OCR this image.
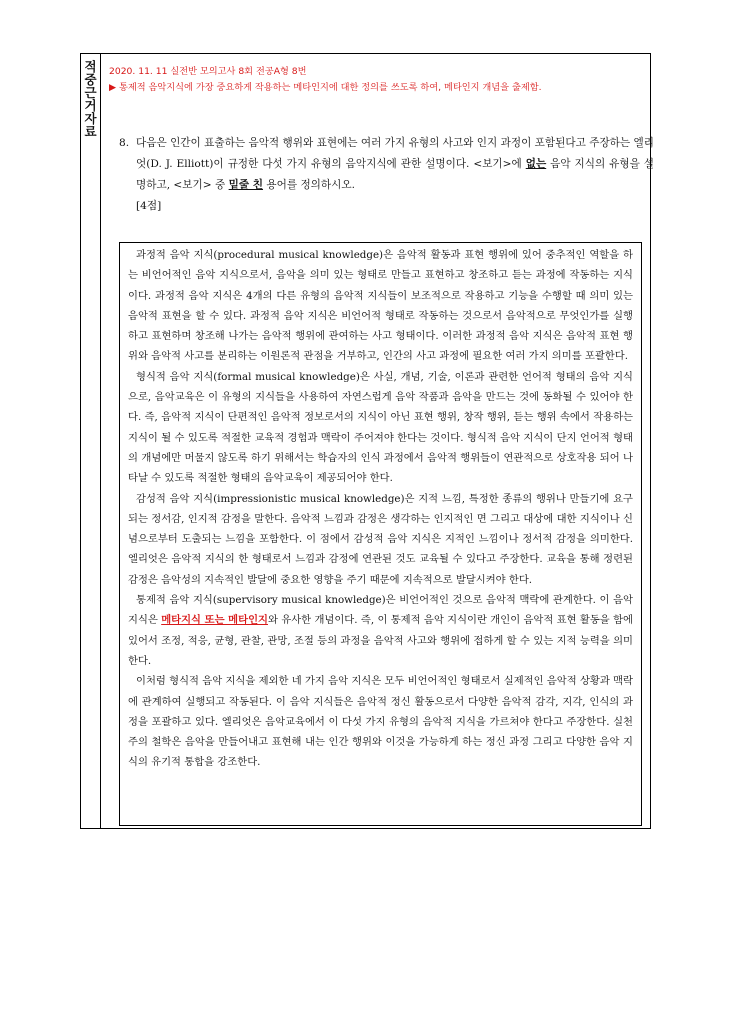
적중근거자료
2020. 11. 11 실전반 모의고사 8회 전공A형 8번
▶ 통제적 음악지식에 가장 중요하게 작용하는 메타인지에 대한 정의를 쓰도록 하여, 메타인지 개념을 출제함.
8. 다음은 인간이 표출하는 음악적 행위와 표현에는 여러 가지 유형의 사고와 인지 과정이 포함된다고 주장하는 엘리엇(D. J. Elliott)이 규정한 다섯 가지 유형의 음악지식에 관한 설명이다. <보기>에 없는 음악 지식의 유형을 설명하고, <보기> 중 밑줄 친 용어를 정의하시오.
[4점]

과정적 음악 지식(procedural musical knowledge)은 음악적 활동과 표현 행위에 있어 중추적인 역할을 하는 비언어적인 음악 지식으로서, 음악을 의미 있는 형태로 만들고 표현하고 창조하고 듣는 과정에 작동하는 지식이다. 과정적 음악 지식은 4개의 다른 유형의 음악적 지식들이 보조적으로 작용하고 기능을 수행할 때 의미 있는 음악적 표현을 할 수 있다. 과정적 음악 지식은 비언어적 형태로 작동하는 것으로서 음악적으로 무엇인가를 실행하고 표현하며 창조해 나가는 음악적 행위에 관여하는 사고 형태이다. 이러한 과정적 음악 지식은 음악적 표현 행위와 음악적 사고를 분리하는 이원론적 관점을 거부하고, 인간의 사고 과정에 필요한 여러 가지 의미를 포괄한다.

형식적 음악 지식(formal musical knowledge)은 사실, 개념, 기술, 이론과 관련한 언어적 형태의 음악 지식으로, 음악교육은 이 유형의 지식들을 사용하여 자연스럽게 음악 작품과 음악을 만드는 것에 동화될 수 있어야 한다. 즉, 음악적 지식이 단편적인 음악적 정보로서의 지식이 아닌 표현 행위, 창작 행위, 듣는 행위 속에서 작용하는 지식이 될 수 있도록 적절한 교육적 경험과 맥락이 주어져야 한다는 것이다. 형식적 음악 지식이 단지 언어적 형태의 개념에만 머물지 않도록 하기 위해서는 학습자의 인식 과정에서 음악적 행위들이 연관적으로 상호작용 되어 나타날 수 있도록 적절한 형태의 음악교육이 제공되어야 한다.

감성적 음악 지식(impressionistic musical knowledge)은 지적 느낌, 특정한 종류의 행위나 만들기에 요구되는 정서감, 인지적 감정을 말한다. 음악적 느낌과 감정은 생각하는 인지적인 면 그리고 대상에 대한 지식이나 신념으로부터 도출되는 느낌을 포함한다. 이 점에서 감성적 음악 지식은 지적인 느낌이나 정서적 감정을 의미한다. 엘리엇은 음악적 지식의 한 형태로서 느낌과 감정에 연관된 것도 교육될 수 있다고 주장한다. 교육을 통해 정련된 감정은 음악성의 지속적인 발달에 중요한 영향을 주기 때문에 지속적으로 발달시켜야 한다.

통제적 음악 지식(supervisory musical knowledge)은 비언어적인 것으로 음악적 맥락에 관계한다. 이 음악 지식은 메타지식 또는 메타인지와 유사한 개념이다. 즉, 이 통제적 음악 지식이란 개인이 음악적 표현 활동을 함에 있어서 조정, 적응, 균형, 관찰, 관망, 조절 등의 과정을 음악적 사고와 행위에 접하게 할 수 있는 지적 능력을 의미한다.

이처럼 형식적 음악 지식을 제외한 네 가지 음악 지식은 모두 비언어적인 형태로서 실제적인 음악적 상황과 맥락에 관계하여 실행되고 작동된다. 이 음악 지식들은 음악적 정신 활동으로서 다양한 음악적 감각, 지각, 인식의 과정을 포괄하고 있다. 엘리엇은 음악교육에서 이 다섯 가지 유형의 음악적 지식을 가르쳐야 한다고 주장한다. 실천주의 철학은 음악을 만들어내고 표현해 내는 인간 행위와 이것을 가능하게 하는 정신 과정 그리고 다양한 음악 지식의 유기적 통합을 강조한다.
